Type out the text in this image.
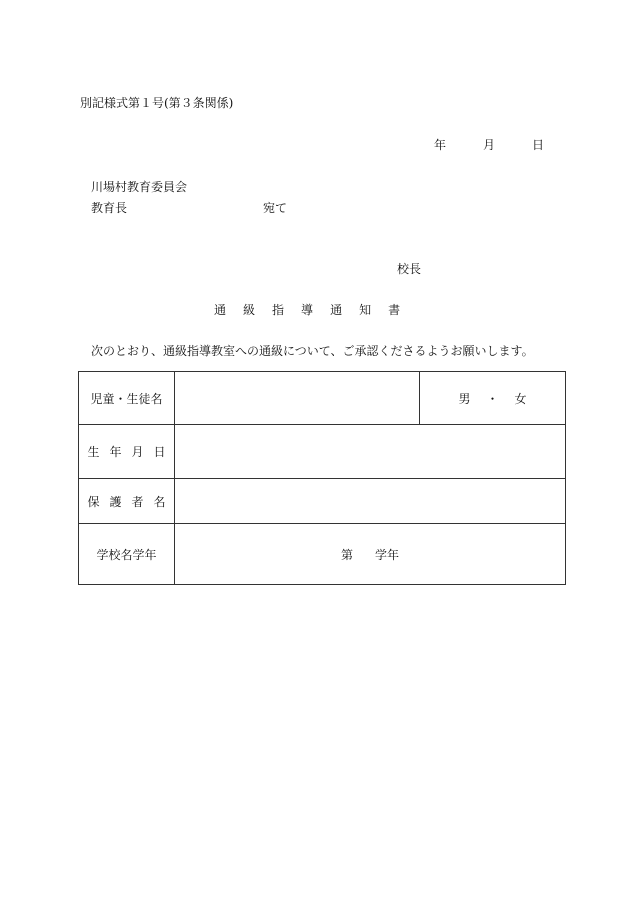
別記様式第１号(第３条関係)
年	月	日
川場村教育委員会
教育長	宛て
校長
通 級 指 導 通 知 書
次のとおり、通級指導教室への通級について、ご承認くださるようお願いします。
児童・生徒名		男 ・ 女
生 年 月 日		
保 護 者 名		
学校名学年	第 学年	
